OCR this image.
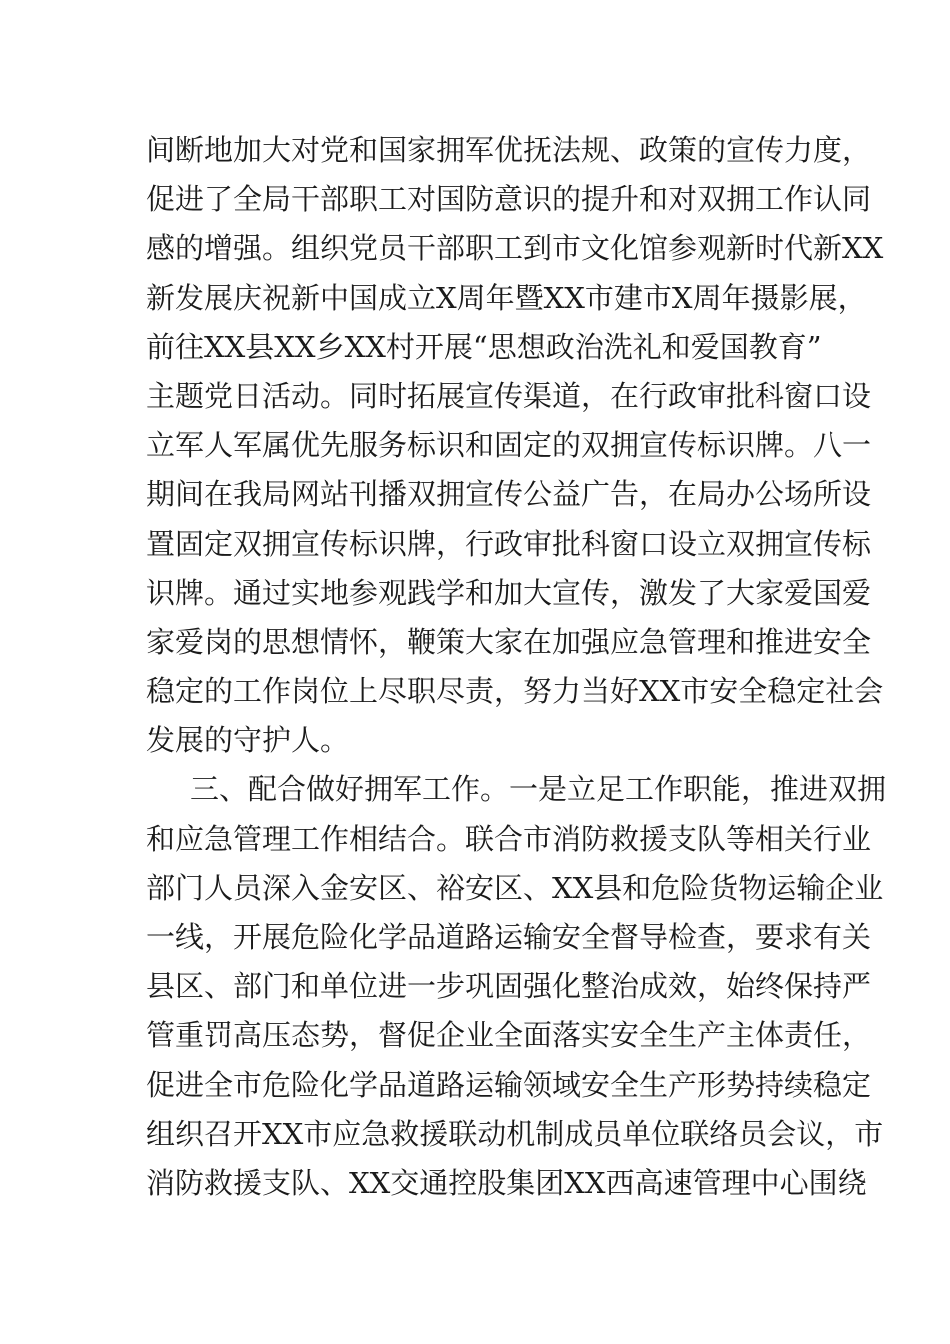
间断地加大对党和国家拥军优抚法规、政策的宣传力度，
促进了全局干部职工对国防意识的提升和对双拥工作认同
感的增强。组织党员干部职工到市文化馆参观新时代新XX
新发展庆祝新中国成立X周年暨XX市建市X周年摄影展，
前往XX县XX乡XX村开展“思想政治洗礼和爱国教育”
主题党日活动。同时拓展宣传渠道，在行政审批科窗口设
立军人军属优先服务标识和固定的双拥宣传标识牌。八一
期间在我局网站刊播双拥宣传公益广告，在局办公场所设
置固定双拥宣传标识牌，行政审批科窗口设立双拥宣传标
识牌。通过实地参观践学和加大宣传，激发了大家爱国爱
家爱岗的思想情怀，鞭策大家在加强应急管理和推进安全
稳定的工作岗位上尽职尽责，努力当好XX市安全稳定社会
发展的守护人。
三、配合做好拥军工作。一是立足工作职能，推进双拥
和应急管理工作相结合。联合市消防救援支队等相关行业
部门人员深入金安区、裕安区、XX县和危险货物运输企业
一线，开展危险化学品道路运输安全督导检查，要求有关
县区、部门和单位进一步巩固强化整治成效，始终保持严
管重罚高压态势，督促企业全面落实安全生产主体责任，
促进全市危险化学品道路运输领域安全生产形势持续稳定
组织召开XX市应急救援联动机制成员单位联络员会议，市
消防救援支队、XX交通控股集团XX西高速管理中心围绕
